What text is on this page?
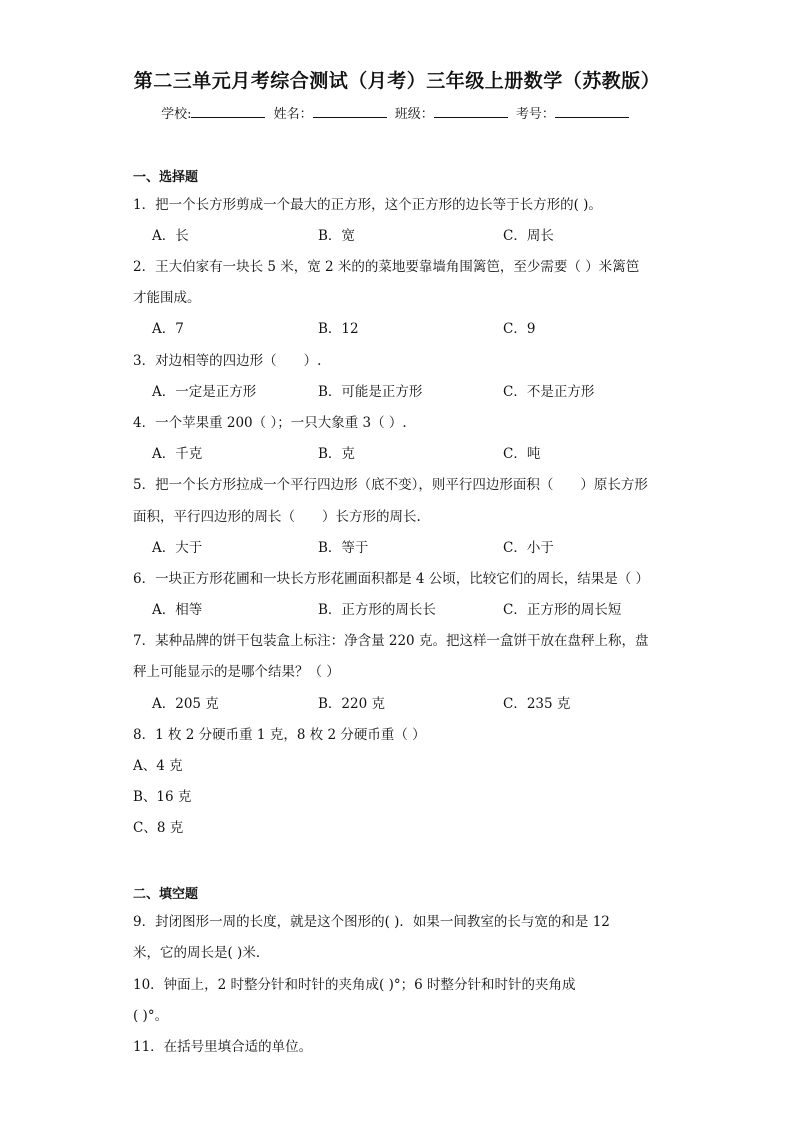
第二三单元月考综合测试（月考）三年级上册数学（苏教版）
学校:	姓名：	班级：	考号：
一、选择题
1．把一个长方形剪成一个最大的正方形，这个正方形的边长等于长方形的( )。
A．长	B．宽	C．周长
2．王大伯家有一块长 5 米，宽 2 米的的菜地要靠墙角围篱笆，至少需要（ ）米篱笆
才能围成。
A．7	B．12	C．9
3．对边相等的四边形（　　）.
A．一定是正方形	B．可能是正方形	C．不是正方形
4．一个苹果重 200（ ）；一只大象重 3（ ）.
A．千克	B．克	C．吨
5．把一个长方形拉成一个平行四边形（底不变），则平行四边形面积（　　）原长方形
面积，平行四边形的周长（　　）长方形的周长.
A．大于	B．等于	C．小于
6．一块正方形花圃和一块长方形花圃面积都是 4 公顷，比较它们的周长，结果是（ ）
A．相等	B．正方形的周长长	C．正方形的周长短
7．某种品牌的饼干包装盒上标注：净含量 220 克。把这样一盒饼干放在盘秤上称，盘
秤上可能显示的是哪个结果？（ ）
A．205 克	B．220 克	C．235 克
8．1 枚 2 分硬币重 1 克，8 枚 2 分硬币重（ ）
A、4 克
B、16 克
C、8 克
二、填空题
9．封闭图形一周的长度，就是这个图形的( )．如果一间教室的长与宽的和是 12
米，它的周长是( )米．
10．钟面上，2 时整分针和时针的夹角成( )°；6 时整分针和时针的夹角成
( )°。
11．在括号里填合适的单位。
